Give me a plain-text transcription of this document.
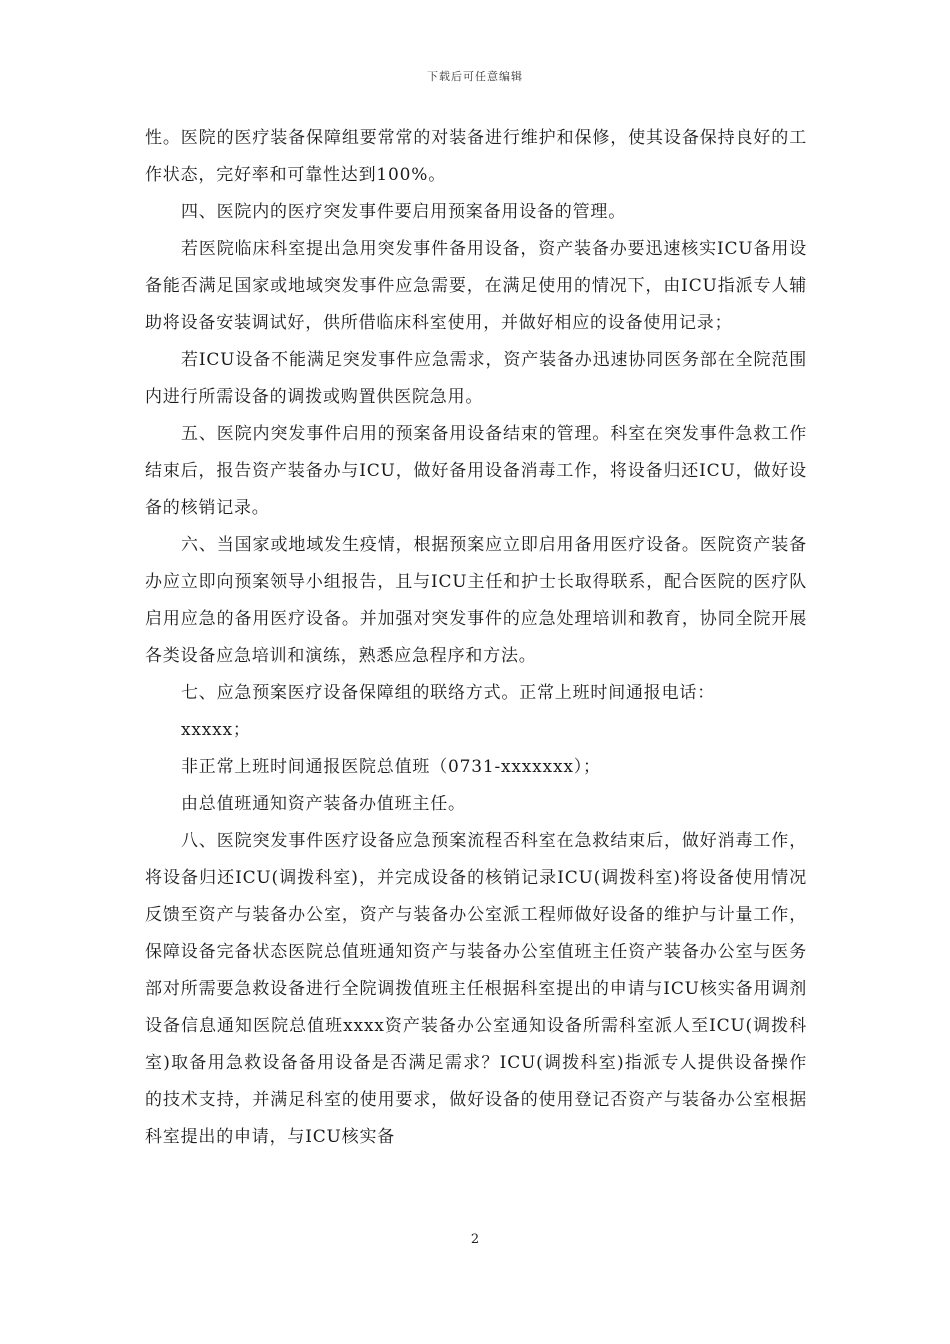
下载后可任意编辑

性。医院的医疗装备保障组要常常的对装备进行维护和保修，使其设备保持良好的工作状态，完好率和可靠性达到100%。

四、医院内的医疗突发事件要启用预案备用设备的管理。

若医院临床科室提出急用突发事件备用设备，资产装备办要迅速核实ICU备用设备能否满足国家或地域突发事件应急需要，在满足使用的情况下，由ICU指派专人辅助将设备安装调试好，供所借临床科室使用，并做好相应的设备使用记录；

若ICU设备不能满足突发事件应急需求，资产装备办迅速协同医务部在全院范围内进行所需设备的调拨或购置供医院急用。

五、医院内突发事件启用的预案备用设备结束的管理。科室在突发事件急救工作结束后，报告资产装备办与ICU，做好备用设备消毒工作，将设备归还ICU，做好设备的核销记录。

六、当国家或地域发生疫情，根据预案应立即启用备用医疗设备。医院资产装备办应立即向预案领导小组报告，且与ICU主任和护士长取得联系，配合医院的医疗队启用应急的备用医疗设备。并加强对突发事件的应急处理培训和教育，协同全院开展各类设备应急培训和演练，熟悉应急程序和方法。

七、应急预案医疗设备保障组的联络方式。正常上班时间通报电话：

xxxxx；

非正常上班时间通报医院总值班（0731-xxxxxxx）；

由总值班通知资产装备办值班主任。

八、医院突发事件医疗设备应急预案流程否科室在急救结束后，做好消毒工作，将设备归还ICU(调拨科室)，并完成设备的核销记录ICU(调拨科室)将设备使用情况反馈至资产与装备办公室，资产与装备办公室派工程师做好设备的维护与计量工作，保障设备完备状态医院总值班通知资产与装备办公室值班主任资产装备办公室与医务部对所需要急救设备进行全院调拨值班主任根据科室提出的申请与ICU核实备用调剂设备信息通知医院总值班xxxx资产装备办公室通知设备所需科室派人至ICU(调拨科室)取备用急救设备备用设备是否满足需求？ICU(调拨科室)指派专人提供设备操作的技术支持，并满足科室的使用要求，做好设备的使用登记否资产与装备办公室根据科室提出的申请，与ICU核实备

2
